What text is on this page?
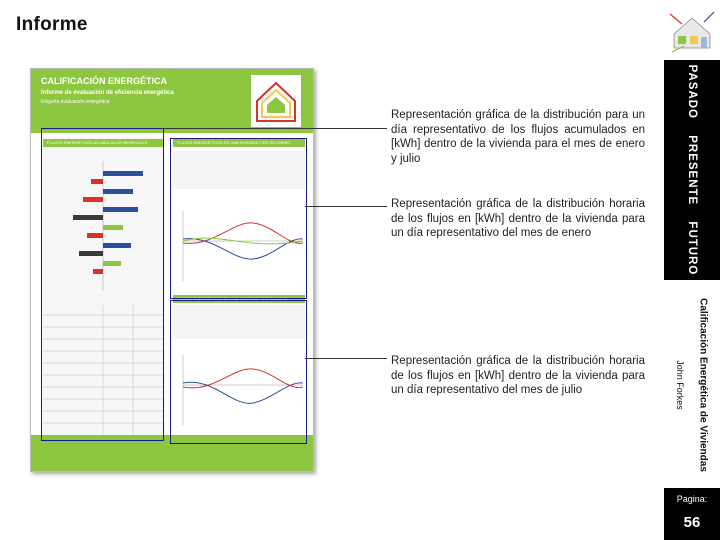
Informe
PASADO PRESENTE FUTURO
Calificación Energética de Viviendas
John Forkes
Pagina:
56
CALIFICACIÓN ENERGÉTICA
Informe de evaluación de eficiencia energética
Etiqueta evaluación energética
FLUJOS ENERGÉTICOS ACUMULADOS MENSUALES	FLUJOS ENERGÉTICOS EN UNA VIVIENDA TIPO EN ENERO
FLUJOS ENERGÉTICOS EN UNA VIVIENDA TIPO EN JULIO
Representación gráfica de la distribución para un día representativo de los flujos acumulados en [kWh] dentro de la vivienda para el mes de enero y julio
Representación gráfica de la distribución horaria de los flujos en [kWh] dentro de la vivienda para un día representativo del mes de enero
Representación gráfica de la distribución horaria de los flujos en [kWh] dentro de la vivienda para un día representativo del mes de julio
